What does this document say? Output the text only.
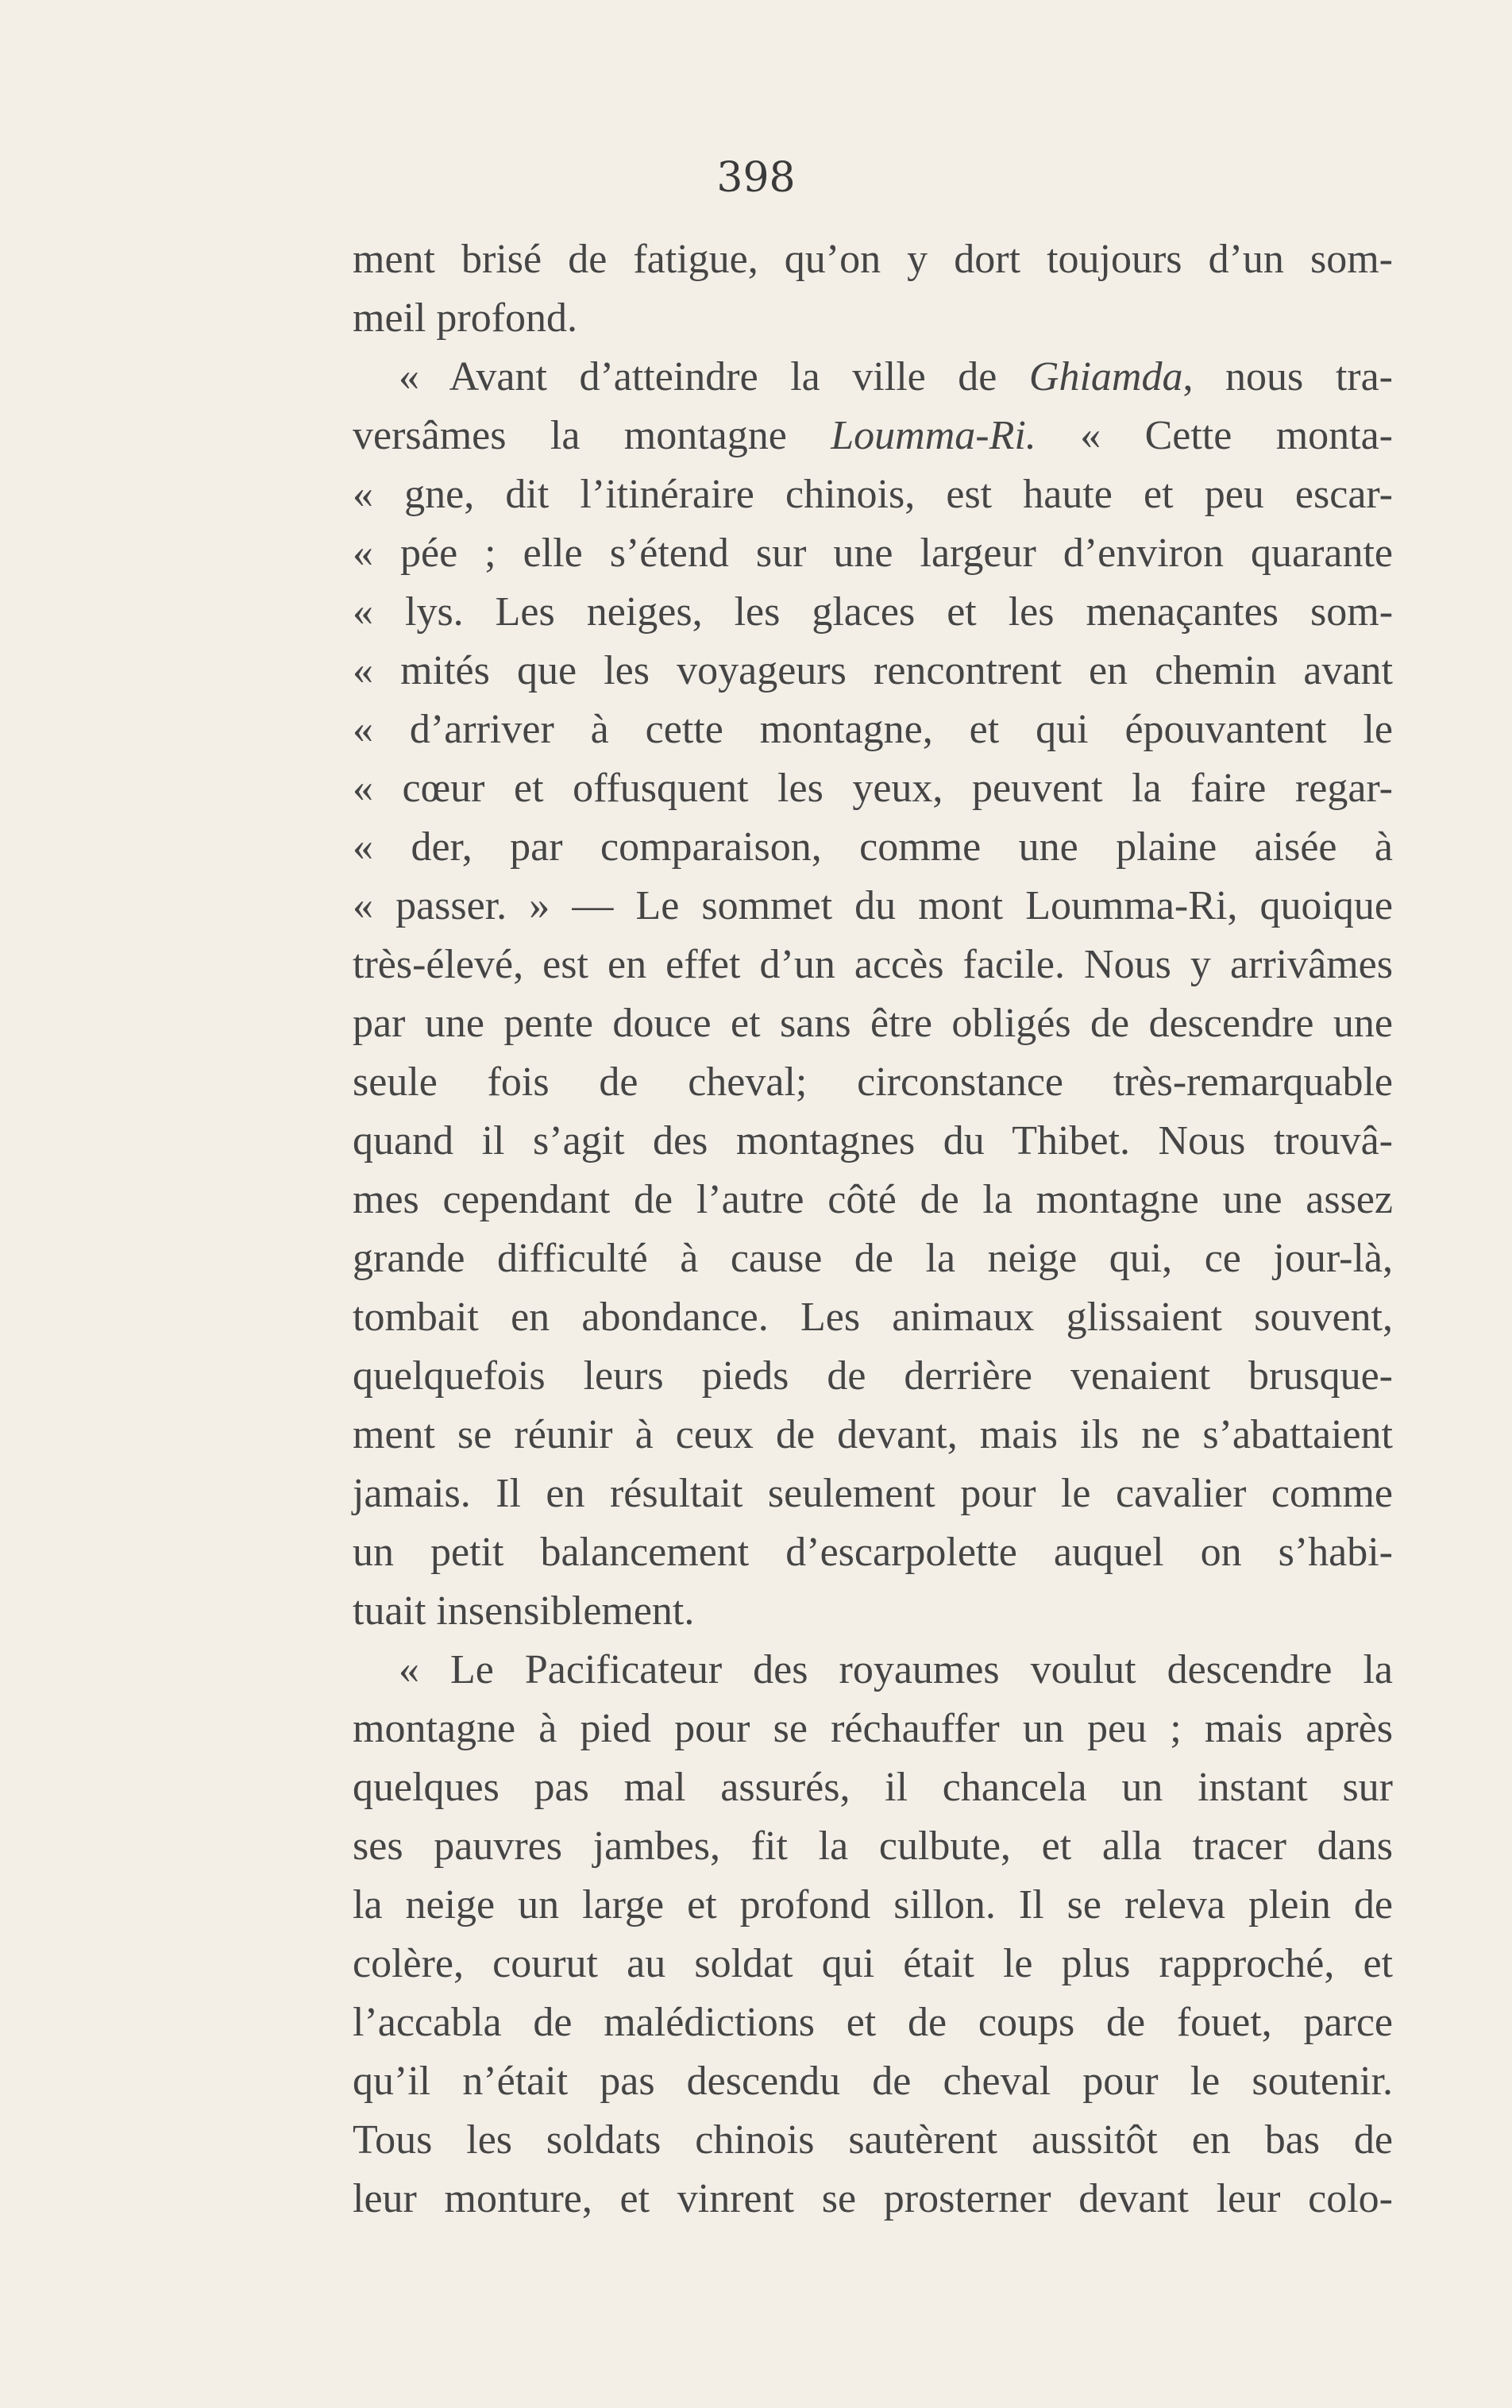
398
ment brisé de fatigue, qu’on y dort toujours d’un som-
meil profond.
« Avant d’atteindre la ville de Ghiamda, nous tra-
versâmes la montagne Loumma-Ri. « Cette monta-
« gne, dit l’itinéraire chinois, est haute et peu escar-
« pée ; elle s’étend sur une largeur d’environ quarante
« lys. Les neiges, les glaces et les menaçantes som-
« mités que les voyageurs rencontrent en chemin avant
« d’arriver à cette montagne, et qui épouvantent le
« cœur et offusquent les yeux, peuvent la faire regar-
« der, par comparaison, comme une plaine aisée à
« passer. » — Le sommet du mont Loumma-Ri, quoique
très-élevé, est en effet d’un accès facile. Nous y arrivâmes
par une pente douce et sans être obligés de descendre une
seule fois de cheval; circonstance très-remarquable
quand il s’agit des montagnes du Thibet. Nous trouvâ-
mes cependant de l’autre côté de la montagne une assez
grande difficulté à cause de la neige qui, ce jour-là,
tombait en abondance. Les animaux glissaient souvent,
quelquefois leurs pieds de derrière venaient brusque-
ment se réunir à ceux de devant, mais ils ne s’abattaient
jamais. Il en résultait seulement pour le cavalier comme
un petit balancement d’escarpolette auquel on s’habi-
tuait insensiblement.
« Le Pacificateur des royaumes voulut descendre la
montagne à pied pour se réchauffer un peu ; mais après
quelques pas mal assurés, il chancela un instant sur
ses pauvres jambes, fit la culbute, et alla tracer dans
la neige un large et profond sillon. Il se releva plein de
colère, courut au soldat qui était le plus rapproché, et
l’accabla de malédictions et de coups de fouet, parce
qu’il n’était pas descendu de cheval pour le soutenir.
Tous les soldats chinois sautèrent aussitôt en bas de
leur monture, et vinrent se prosterner devant leur colo-
